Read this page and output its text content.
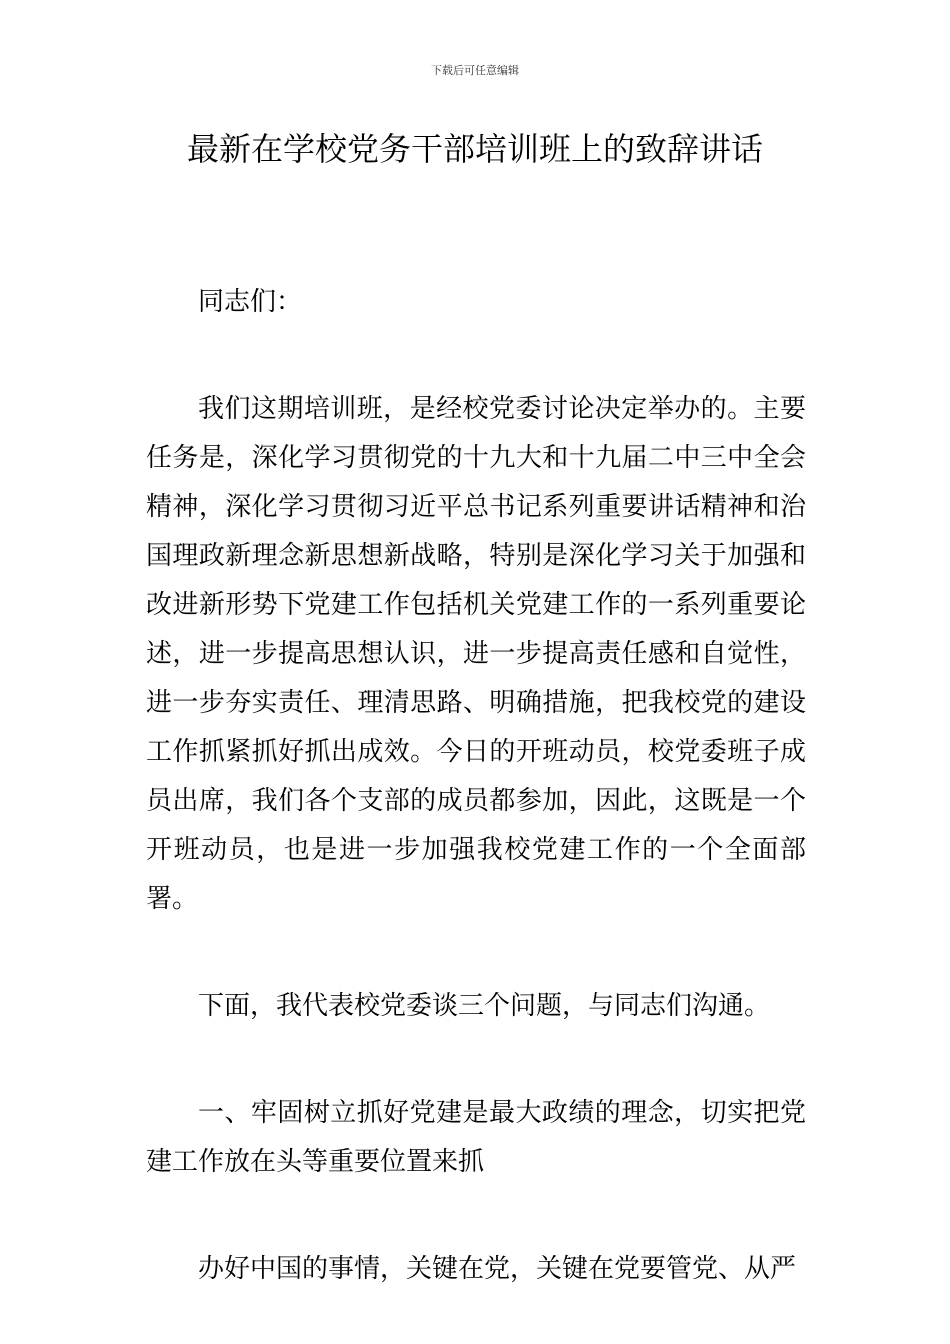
下载后可任意编辑
最新在学校党务干部培训班上的致辞讲话

同志们：

我们这期培训班，是经校党委讨论决定举办的。主要任务是，深化学习贯彻党的十九大和十九届二中三中全会精神，深化学习贯彻习近平总书记系列重要讲话精神和治国理政新理念新思想新战略，特别是深化学习关于加强和改进新形势下党建工作包括机关党建工作的一系列重要论述，进一步提高思想认识，进一步提高责任感和自觉性，进一步夯实责任、理清思路、明确措施，把我校党的建设工作抓紧抓好抓出成效。今日的开班动员，校党委班子成员出席，我们各个支部的成员都参加，因此，这既是一个开班动员，也是进一步加强我校党建工作的一个全面部署。

下面，我代表校党委谈三个问题，与同志们沟通。

一、牢固树立抓好党建是最大政绩的理念，切实把党建工作放在头等重要位置来抓

办好中国的事情，关键在党，关键在党要管党、从严
